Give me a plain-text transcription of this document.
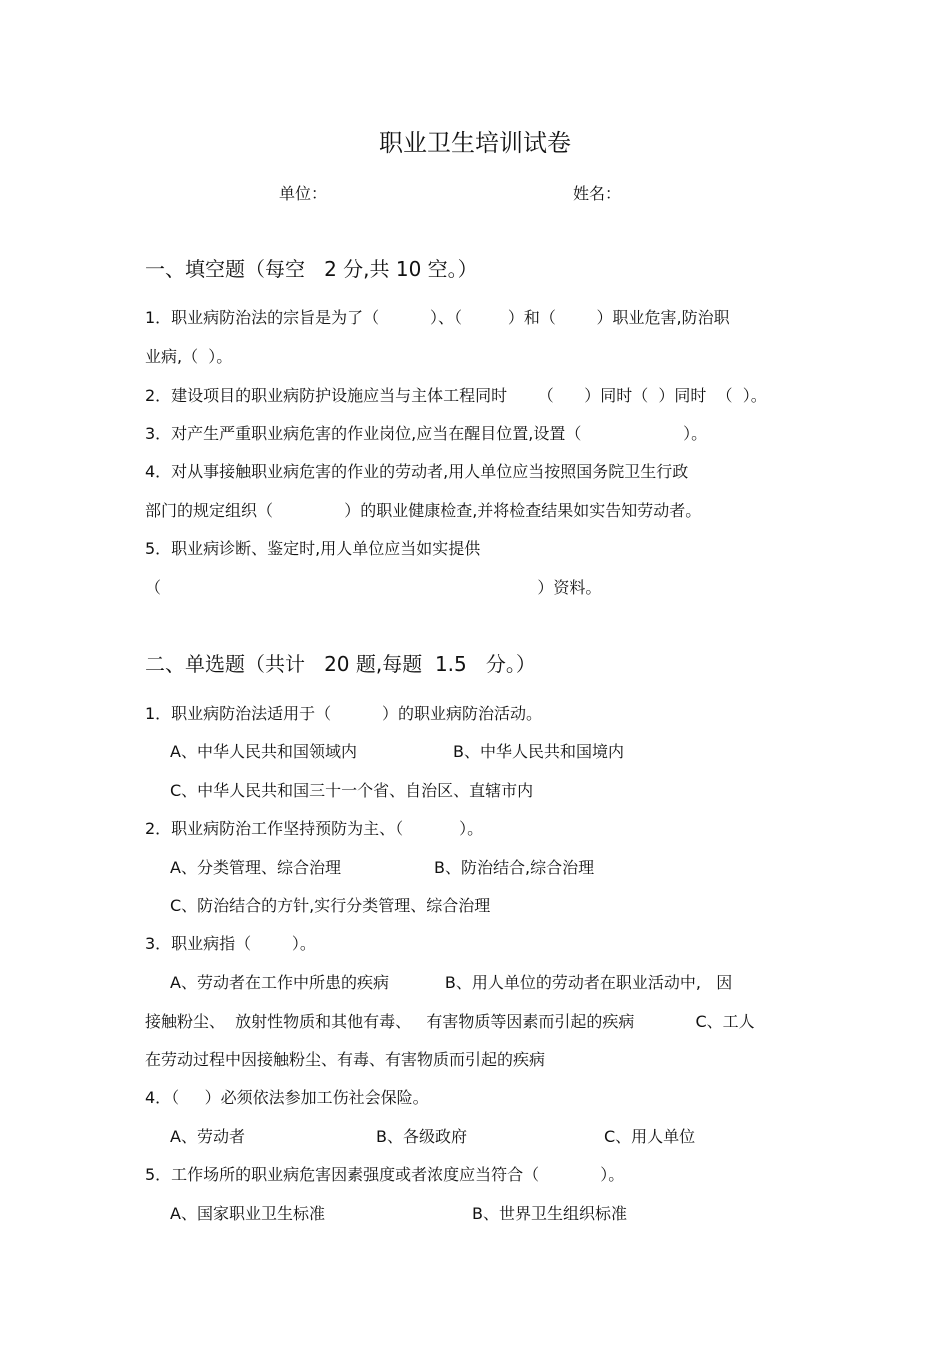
职业卫生培训试卷
单位：	姓名：
一、填空题（每空   2 分,共 10 空。）
1．职业病防治法的宗旨是为了（          ）、（         ）和（        ）职业危害,防治职
业病,（  ）。
2．建设项目的职业病防护设施应当与主体工程同时      （      ）同时（  ）同时  （  ）。
3．对产生严重职业病危害的作业岗位,应当在醒目位置,设置（                    ）。
4．对从事接触职业病危害的作业的劳动者,用人单位应当按照国务院卫生行政
部门的规定组织（              ）的职业健康检查,并将检查结果如实告知劳动者。
5．职业病诊断、鉴定时,用人单位应当如实提供
（                                                                          ）资料。
二、单选题（共计   20 题,每题  1.5   分。）
1．职业病防治法适用于（          ）的职业病防治活动。
A、中华人民共和国领域内	B、中华人民共和国境内
C、中华人民共和国三十一个省、自治区、直辖市内
2．职业病防治工作坚持预防为主、（           ）。
A、分类管理、综合治理	B、防治结合,综合治理
C、防治结合的方针,实行分类管理、综合治理
3．职业病指（        ）。
A、劳动者在工作中所患的疾病           B、用人单位的劳动者在职业活动中,   因
接触粉尘、  放射性物质和其他有毒、   有害物质等因素而引起的疾病            C、工人
在劳动过程中因接触粉尘、有毒、有害物质而引起的疾病
4．（     ）必须依法参加工伤社会保险。
A、劳动者	B、各级政府	C、用人单位
5．工作场所的职业病危害因素强度或者浓度应当符合（            ）。
A、国家职业卫生标准	B、世界卫生组织标准
